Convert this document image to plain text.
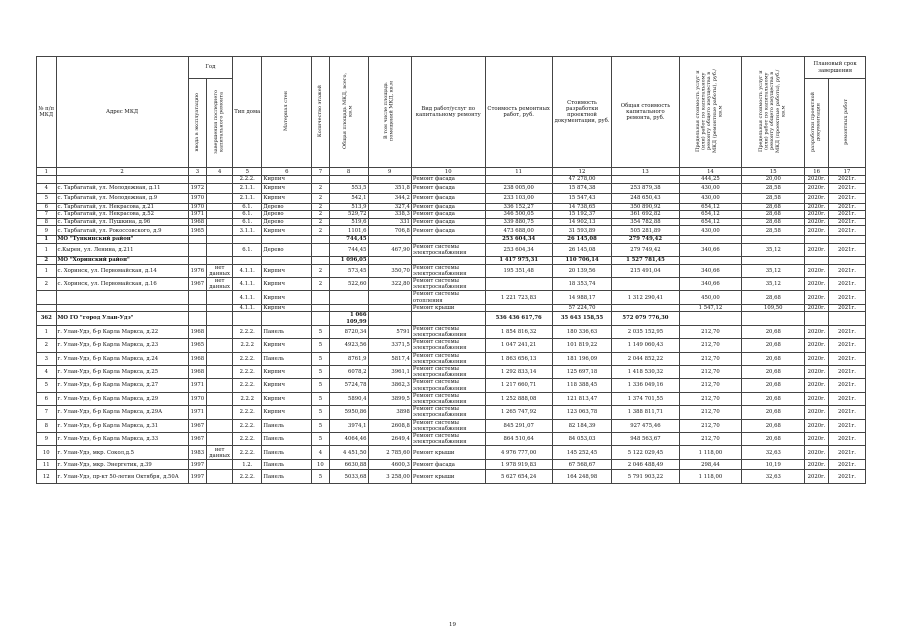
№ п/п МКД	Адрес МКД	Год		Тип дома	Материал стен	Количество этажей	Общая площадь МКД, всего, кв.м	В том числе площадь помещений МКД, кв.м	Вид работ/услуг по капитальному ремонту	Стоимость ремонтных работ, руб.	Стоимость разработки проектной документации, руб.	Общая стоимость капитального ремонта, руб.	Предельная стоимость услуг и (или) работ по капитальному ремонту общего имущества в МКД (ремонтные работы), руб./кв.м	Предельная стоимость услуг и (или) работ по капитальному ремонту общего имущества в МКД (проектные работы), руб./кв.м	Плановый срок завершения	
		ввода в эксплуатацию	завершения последнего капитального ремонта												разработки проектной документации	ремонтных работ
1	2	3	4	5	6	7	8	9	10	11	12	13	14	15	16	17
				2.2.2.	Кирпич				Ремонт фасада		47 278,00		444,25	20,00	2020г.	2021г.
4	с. Тарбагатай, ул. Молодежная, д.11	1972		2.1.1.	Кирпич	2	553,5	351,8	Ремонт фасада	238 005,00	15 874,38	253 879,38	430,00	28,58	2020г.	2021г.
5	с. Тарбагатай, ул. Молодежная, д.9	1970		2.1.1.	Кирпич	2	542,1	344,2	Ремонт фасада	233 103,00	15 547,43	248 650,43	430,00	28,58	2020г.	2021г.
6	с. Тарбагатай, ул. Некрасова, д.21	1970		6.1.	Дерево	2	513,9	327,4	Ремонт фасада	336 152,27	14 738,65	350 890,92	654,12	28,68	2020г.	2021г.
7	с. Тарбагатай, ул. Некрасова, д.52	1971		6.1.	Дерево	2	529,72	338,3	Ремонт фасада	346 500,05	15 192,37	361 692,82	654,12	28,68	2020г.	2021г.
8	с. Тарбагатай, ул. Пушкина, д.96	1968		6.1.	Дерево	2	519,6	331	Ремонт фасада	339 880,75	14 902,13	354 782,88	654,12	28,68	2020г.	2021г.
9	с. Тарбагатай, ул. Рокоссовского, д.9	1965		3.1.1.	Кирпич	2	1101,6	706,8	Ремонт фасада	473 688,00	31 593,89	505 281,89	430,00	28,58	2020г.	2021г.
1	МО "Тункинский район"						744,45			253 604,34	26 145,08	279 749,42				
1	с.Кырен, ул. Ленина, д.211			6.1.	Дерево		744,45	467,90	Ремонт системы электроснабжения	253 604,34	26 145,08	279 749,42	340,66	35,12	2020г.	2021г.
2	МО "Хоринский район"						1 096,05			1 417 975,31	110 706,14	1 527 781,45				
1	с. Хоринск, ул. Первомайская, д.14	1976	нет данных	4.1.1.	Кирпич	2	573,45	350,70	Ремонт системы электроснабжения	195 351,48	20 139,56	215 491,04	340,66	35,12	2020г.	2021г.
2	с. Хоринск, ул. Первомайская, д.16	1967	нет данных	4.1.1.	Кирпич	2	522,60	322,80	Ремонт системы электроснабжения		18 353,74		340,66	35,12	2020г.	2021г.
				4.1.1.	Кирпич				Ремонт системы отопления	1 221 723,83	14 988,17	1 312 290,41	450,00	28,68	2020г.	2021г.
				4.1.1.	Кирпич				Ремонт крыши		57 224,70		1 547,12	109,50	2020г.	2021г.
362	МО ГО "город Улан-Удэ"						1 066 109,99			536 436 617,76	35 643 158,55	572 079 776,30				
1	г. Улан-Удэ, б-р Карла Маркса, д.22	1968		2.2.2.	Панель	5	8720,34	5791	Ремонт системы электроснабжения	1 854 816,32	180 336,63	2 035 152,95	212,70	20,68	2020г.	2021г.
2	г. Улан-Удэ, б-р Карла Маркса, д.23	1965		2.2.2	Кирпич	5	4923,56	3371,5	Ремонт системы электроснабжения	1 047 241,21	101 819,22	1 149 060,43	212,70	20,68	2020г.	2021г.
3	г. Улан-Удэ, б-р Карла Маркса, д.24	1968		2.2.2.	Панель	5	8761,9	5817,4	Ремонт системы электроснабжения	1 863 656,13	181 196,09	2 044 852,22	212,70	20,68	2020г.	2021г.
4	г. Улан-Удэ, б-р Карла Маркса, д.25	1968		2.2.2.	Кирпич	5	6078,2	3961,1	Ремонт системы электроснабжения	1 292 833,14	125 697,18	1 418 530,32	212,70	20,68	2020г.	2021г.
5	г. Улан-Удэ, б-р Карла Маркса, д.27	1971		2.2.2.	Кирпич	5	5724,78	3862,3	Ремонт системы электроснабжения	1 217 660,71	118 388,45	1 336 049,16	212,70	20,68	2020г.	2021г.
6	г. Улан-Удэ, б-р Карла Маркса, д.29	1970		2.2.2	Кирпич	5	5890,4	3899,5	Ремонт системы электроснабжения	1 252 888,08	121 813,47	1 374 701,55	212,70	20,68	2020г.	2021г.
7	г. Улан-Удэ, б-р Карла Маркса, д.29А	1971		2.2.2.	Кирпич	5	5950,86	3898	Ремонт системы электроснабжения	1 265 747,92	123 063,78	1 388 811,71	212,70	20,68	2020г.	2021г.
8	г. Улан-Удэ, б-р Карла Маркса, д.31	1967		2.2.2.	Панель	5	3974,1	2608,8	Ремонт системы электроснабжения	845 291,07	82 184,39	927 475,46	212,70	20,68	2020г.	2021г.
9	г. Улан-Удэ, б-р Карла Маркса, д.33	1967		2.2.2.	Панель	5	4064,46	2649,4	Ремонт системы электроснабжения	864 510,64	84 053,03	948 563,67	212,70	20,68	2020г.	2021г.
10	г. Улан-Удэ, мкр. Сокол,д.5	1983	нет данных	2.2.2.	Панель	4	4 451,50	2 785,60	Ремонт крыши	4 976 777,00	145 252,45	5 122 029,45	1 118,00	32,63	2020г.	2021г.
11	г. Улан-Удэ, мкр. Энергетик, д.39	1997		1.2.	Панель	10	6630,88	4600,3	Ремонт фасада	1 978 919,83	67 568,67	2 046 488,49	298,44	10,19	2020г.	2021г.
12	г. Улан-Удэ, пр-кт 50-летия Октября, д.50А	1997		2.2.2.	Панель	5	5033,68	3 258,00	Ремонт крыши	5 627 654,24	164 248,98	5 791 903,22	1 118,00	32,63	2020г.	2021г.
19
